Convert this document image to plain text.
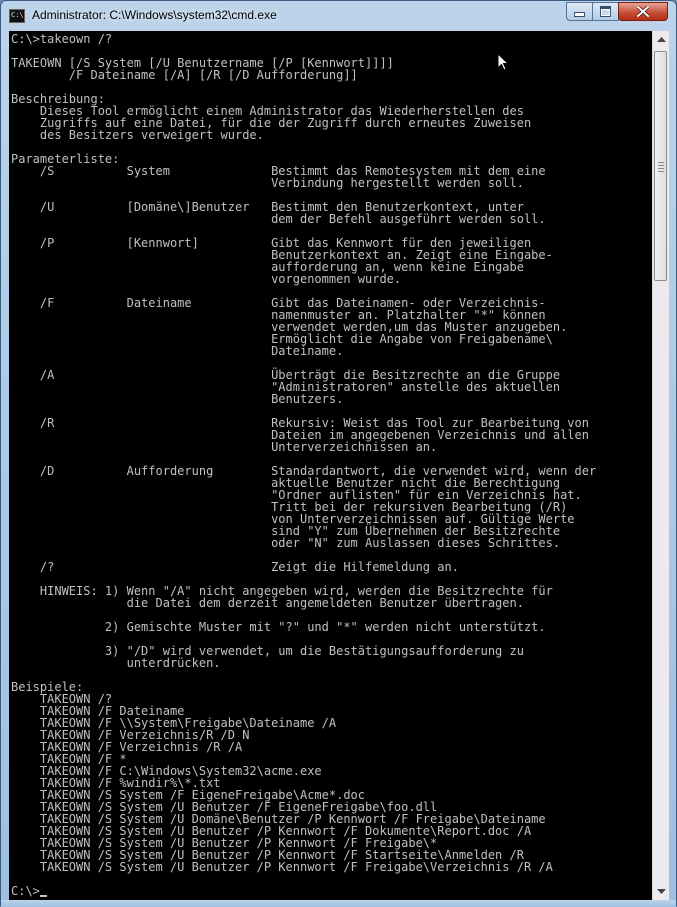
C:\ Administrator: C:\Windows\system32\cmd.exe
C:\>takeown /?
TAKEOWN [/S System [/U Benutzername [/P [Kennwort]]]]
/F Dateiname [/A] [/R [/D Aufforderung]]
Beschreibung:
Dieses Tool ermöglicht einem Administrator das Wiederherstellen des
Zugriffs auf eine Datei, für die der Zugriff durch erneutes Zuweisen
des Besitzers verweigert wurde.
Parameterliste:
/S          System              Bestimmt das Remotesystem mit dem eine
Verbindung hergestellt werden soll.
/U          [Domäne\]Benutzer   Bestimmt den Benutzerkontext, unter
dem der Befehl ausgeführt werden soll.
/P          [Kennwort]          Gibt das Kennwort für den jeweiligen
Benutzerkontext an. Zeigt eine Eingabe-
aufforderung an, wenn keine Eingabe
vorgenommen wurde.
/F          Dateiname           Gibt das Dateinamen- oder Verzeichnis-
namenmuster an. Platzhalter "*" können
verwendet werden,um das Muster anzugeben.
Ermöglicht die Angabe von Freigabename\
Dateiname.
/A                              Überträgt die Besitzrechte an die Gruppe
"Administratoren" anstelle des aktuellen
Benutzers.
/R                              Rekursiv: Weist das Tool zur Bearbeitung von
Dateien im angegebenen Verzeichnis und allen
Unterverzeichnissen an.
/D          Aufforderung        Standardantwort, die verwendet wird, wenn der
aktuelle Benutzer nicht die Berechtigung
"Ordner auflisten" für ein Verzeichnis hat.
Tritt bei der rekursiven Bearbeitung (/R)
von Unterverzeichnissen auf. Gültige Werte
sind "Y" zum Übernehmen der Besitzrechte
oder "N" zum Auslassen dieses Schrittes.
/?                              Zeigt die Hilfemeldung an.
HINWEIS: 1) Wenn "/A" nicht angegeben wird, werden die Besitzrechte für
die Datei dem derzeit angemeldeten Benutzer übertragen.
2) Gemischte Muster mit "?" und "*" werden nicht unterstützt.
3) "/D" wird verwendet, um die Bestätigungsaufforderung zu
unterdrücken.
Beispiele:
TAKEOWN /?
TAKEOWN /F Dateiname
TAKEOWN /F \\System\Freigabe\Dateiname /A
TAKEOWN /F Verzeichnis/R /D N
TAKEOWN /F Verzeichnis /R /A
TAKEOWN /F *
TAKEOWN /F C:\Windows\System32\acme.exe
TAKEOWN /F %windir%\*.txt
TAKEOWN /S System /F EigeneFreigabe\Acme*.doc
TAKEOWN /S System /U Benutzer /F EigeneFreigabe\foo.dll
TAKEOWN /S System /U Domäne\Benutzer /P Kennwort /F Freigabe\Dateiname
TAKEOWN /S System /U Benutzer /P Kennwort /F Dokumente\Report.doc /A
TAKEOWN /S System /U Benutzer /P Kennwort /F Freigabe\*
TAKEOWN /S System /U Benutzer /P Kennwort /F Startseite\Anmelden /R
TAKEOWN /S System /U Benutzer /P Kennwort /F Freigabe\Verzeichnis /R /A
C:\>
